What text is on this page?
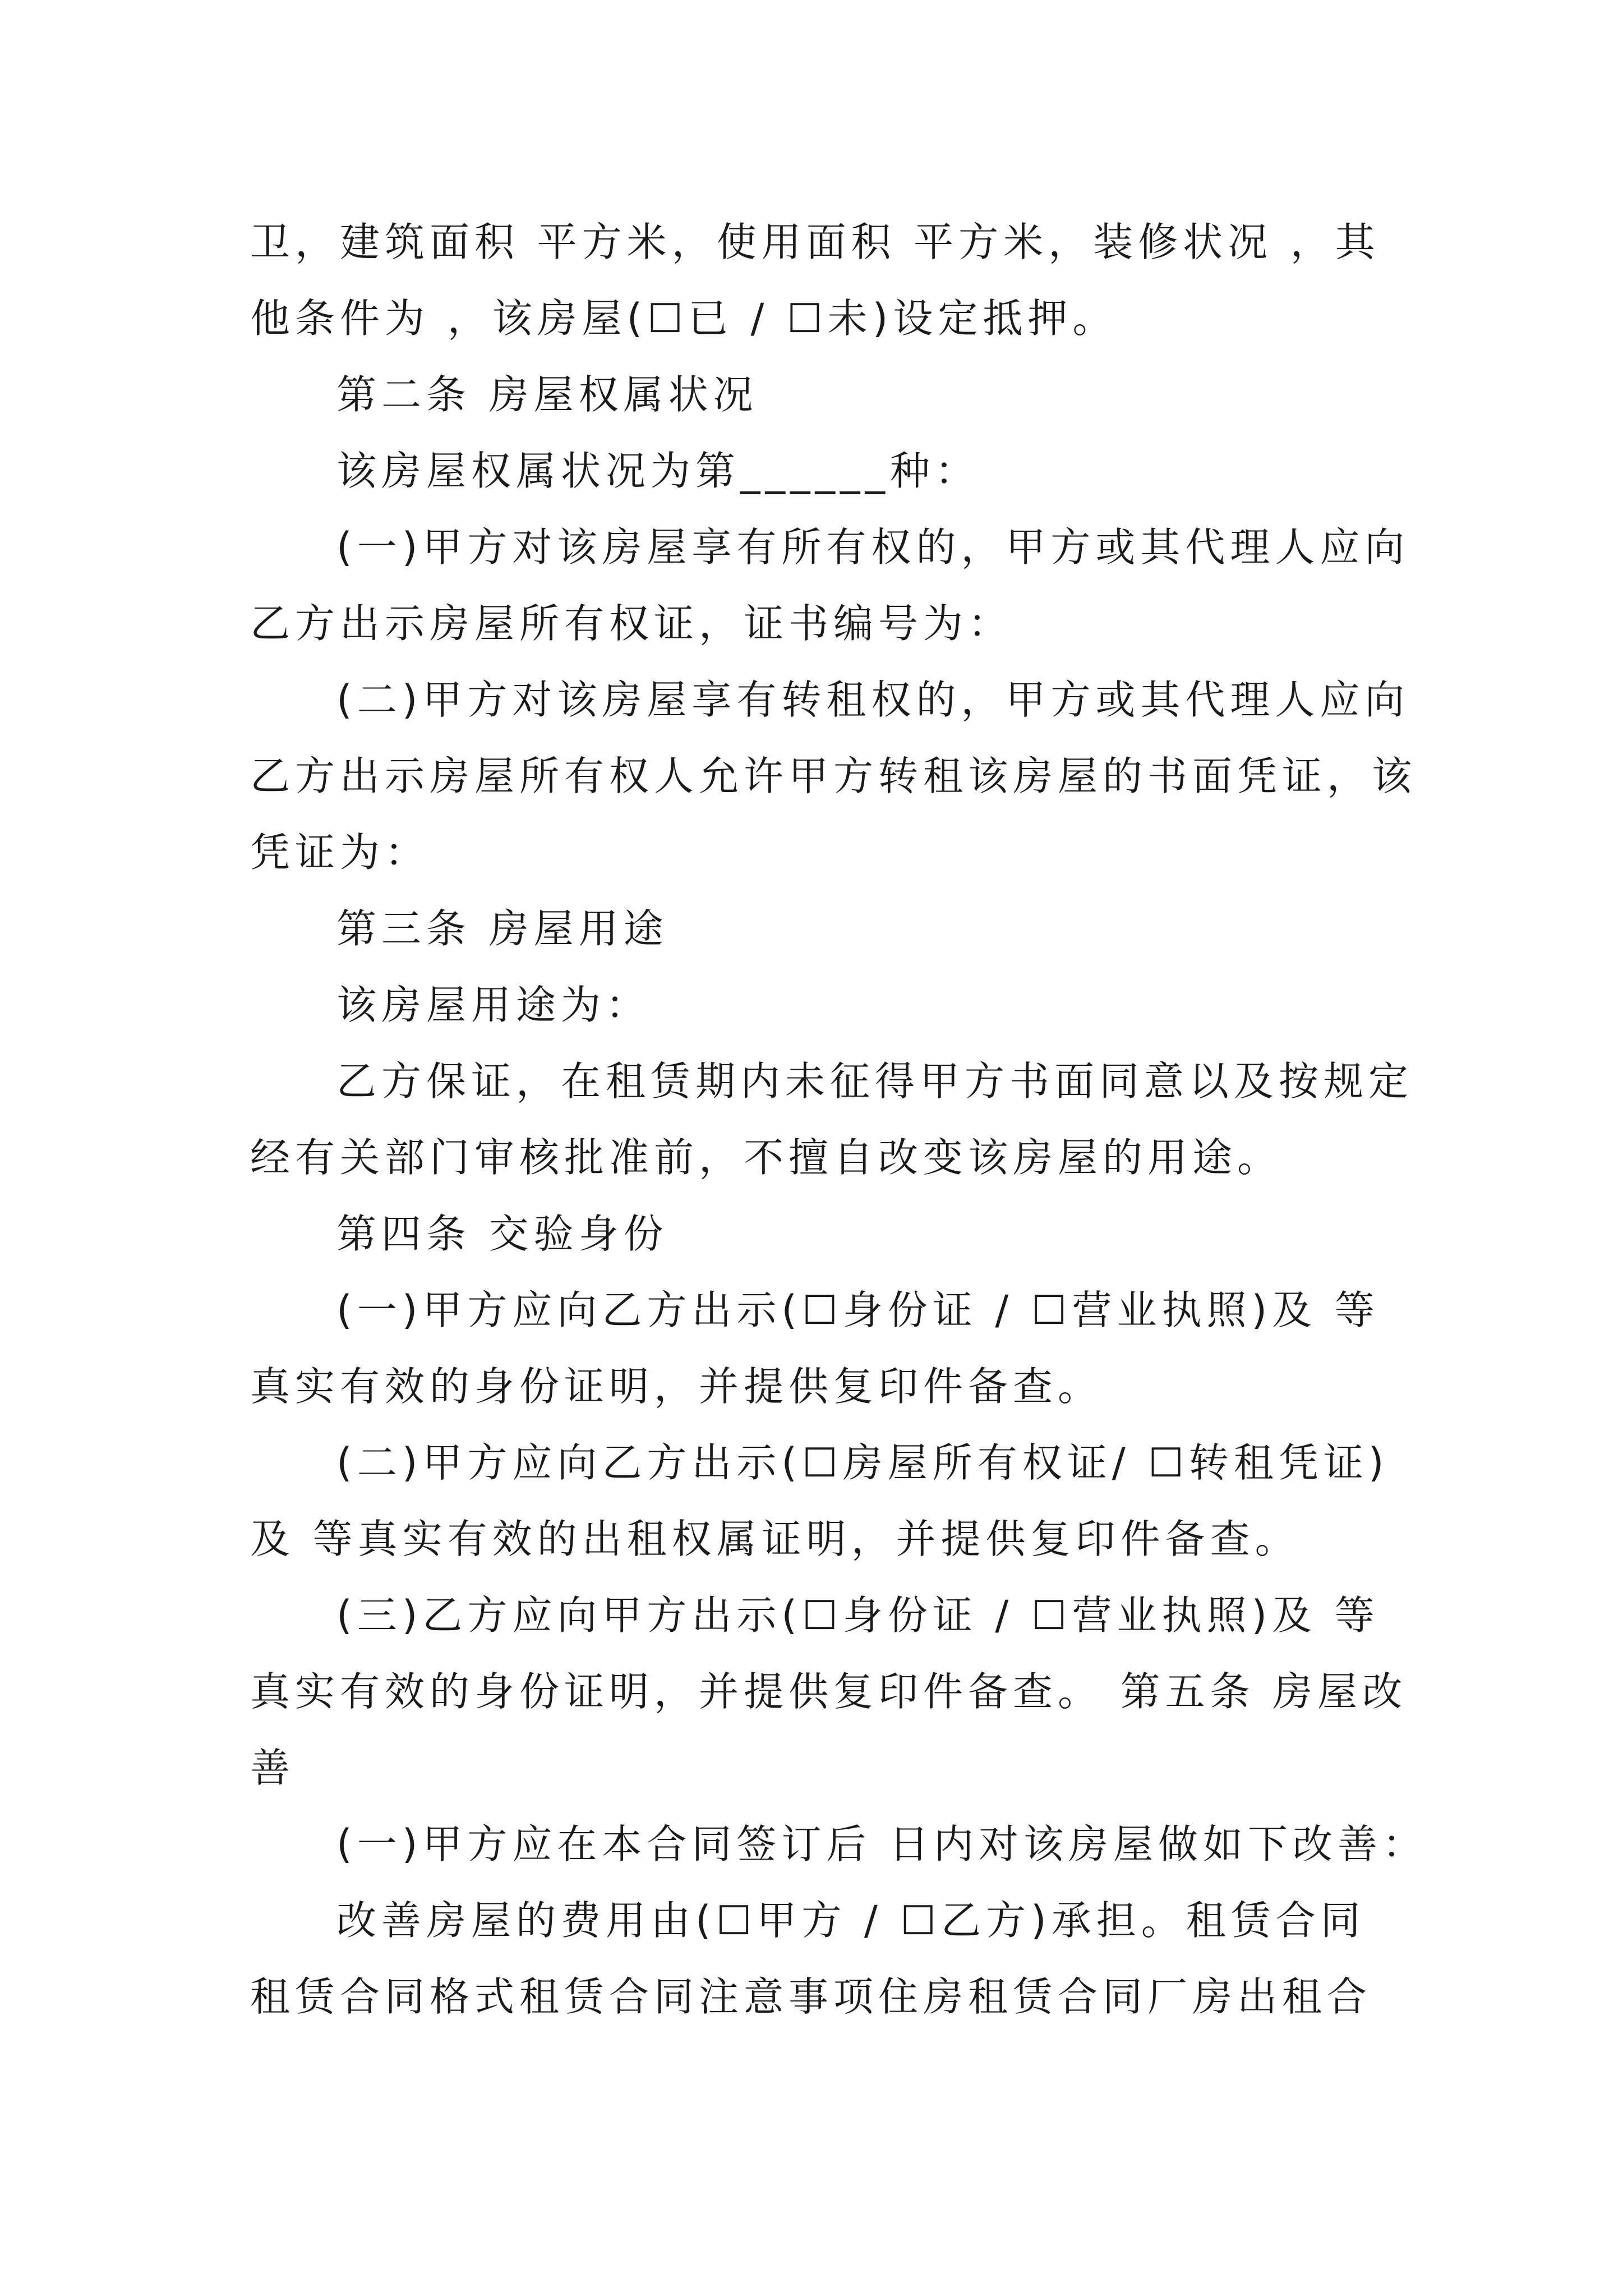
卫，建筑面积 平方米，使用面积 平方米，装修状况 ，其
他条件为 ，该房屋(☐已 / ☐未)设定抵押。
第二条 房屋权属状况
该房屋权属状况为第______种：
(一)甲方对该房屋享有所有权的，甲方或其代理人应向
乙方出示房屋所有权证，证书编号为：
(二)甲方对该房屋享有转租权的，甲方或其代理人应向
乙方出示房屋所有权人允许甲方转租该房屋的书面凭证，该
凭证为：
第三条 房屋用途
该房屋用途为：
乙方保证，在租赁期内未征得甲方书面同意以及按规定
经有关部门审核批准前，不擅自改变该房屋的用途。
第四条 交验身份
(一)甲方应向乙方出示(☐身份证 / ☐营业执照)及 等
真实有效的身份证明，并提供复印件备查。
(二)甲方应向乙方出示(☐房屋所有权证/ ☐转租凭证)
及 等真实有效的出租权属证明，并提供复印件备查。
(三)乙方应向甲方出示(☐身份证 / ☐营业执照)及 等
真实有效的身份证明，并提供复印件备查。 第五条 房屋改
善
(一)甲方应在本合同签订后 日内对该房屋做如下改善：
改善房屋的费用由(☐甲方 / ☐乙方)承担。租赁合同
租赁合同格式租赁合同注意事项住房租赁合同厂房出租合
